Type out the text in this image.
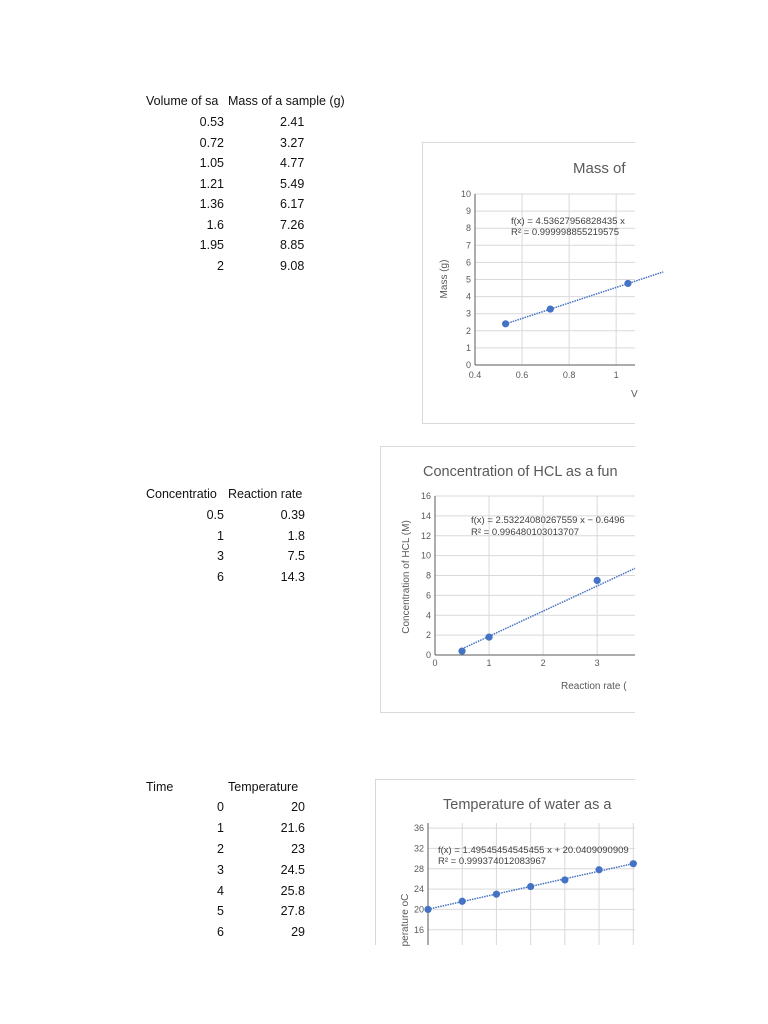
Volume of sa Mass of a sample (g)
0.53	2.41
0.72	3.27
1.05	4.77
1.21	5.49
1.36	6.17
1.6	7.26
1.95	8.85
2	9.08
Concentratio Reaction rate
0.5	0.39
1	1.8
3	7.5
6	14.3
Time	Temperature
0	20
1	21.6
2	23
3	24.5
4	25.8
5	27.8
6	29
0
1
2
3
4
5
6
7
8
9
10
0.4	0.6	0.8	1
Mass of
f(x) = 4.53627956828435 x
R² = 0.999998855219575
V
Mass (g)
0
2
4
6
8
10
12
14
16
0	1	2	3
Concentration of HCL as a fun
f(x) = 2.53224080267559 x − 0.6496
R² = 0.996480103013707
Reaction rate (
Concentration of HCL (M)
16
20
24
28
32
36
Temperature of water as a
f(x) = 1.49545454545455 x + 20.0409090909
R² = 0.999374012083967
perature oC
